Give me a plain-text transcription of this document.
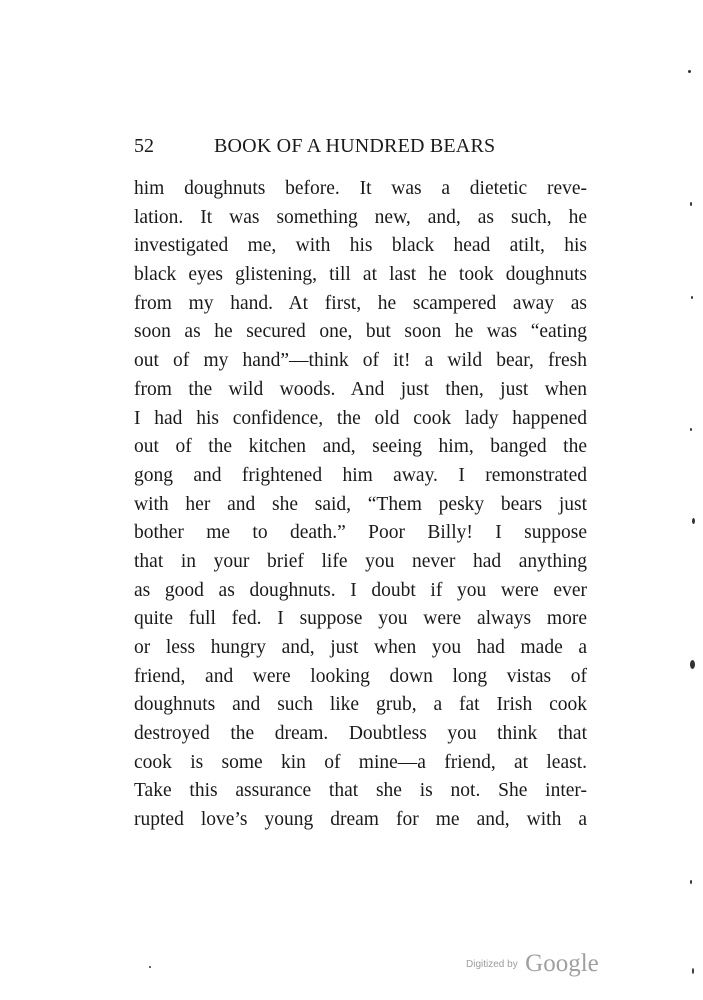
52	BOOK OF A HUNDRED BEARS
him doughnuts before. It was a dietetic reve-
lation. It was something new, and, as such, he
investigated me, with his black head atilt, his
black eyes glistening, till at last he took doughnuts
from my hand. At first, he scampered away as
soon as he secured one, but soon he was “eating
out of my hand”—think of it! a wild bear, fresh
from the wild woods. And just then, just when
I had his confidence, the old cook lady happened
out of the kitchen and, seeing him, banged the
gong and frightened him away. I remonstrated
with her and she said, “Them pesky bears just
bother me to death.” Poor Billy! I suppose
that in your brief life you never had anything
as good as doughnuts. I doubt if you were ever
quite full fed. I suppose you were always more
or less hungry and, just when you had made a
friend, and were looking down long vistas of
doughnuts and such like grub, a fat Irish cook
destroyed the dream. Doubtless you think that
cook is some kin of mine—a friend, at least.
Take this assurance that she is not. She inter-
rupted love’s young dream for me and, with a
Digitized by Google
